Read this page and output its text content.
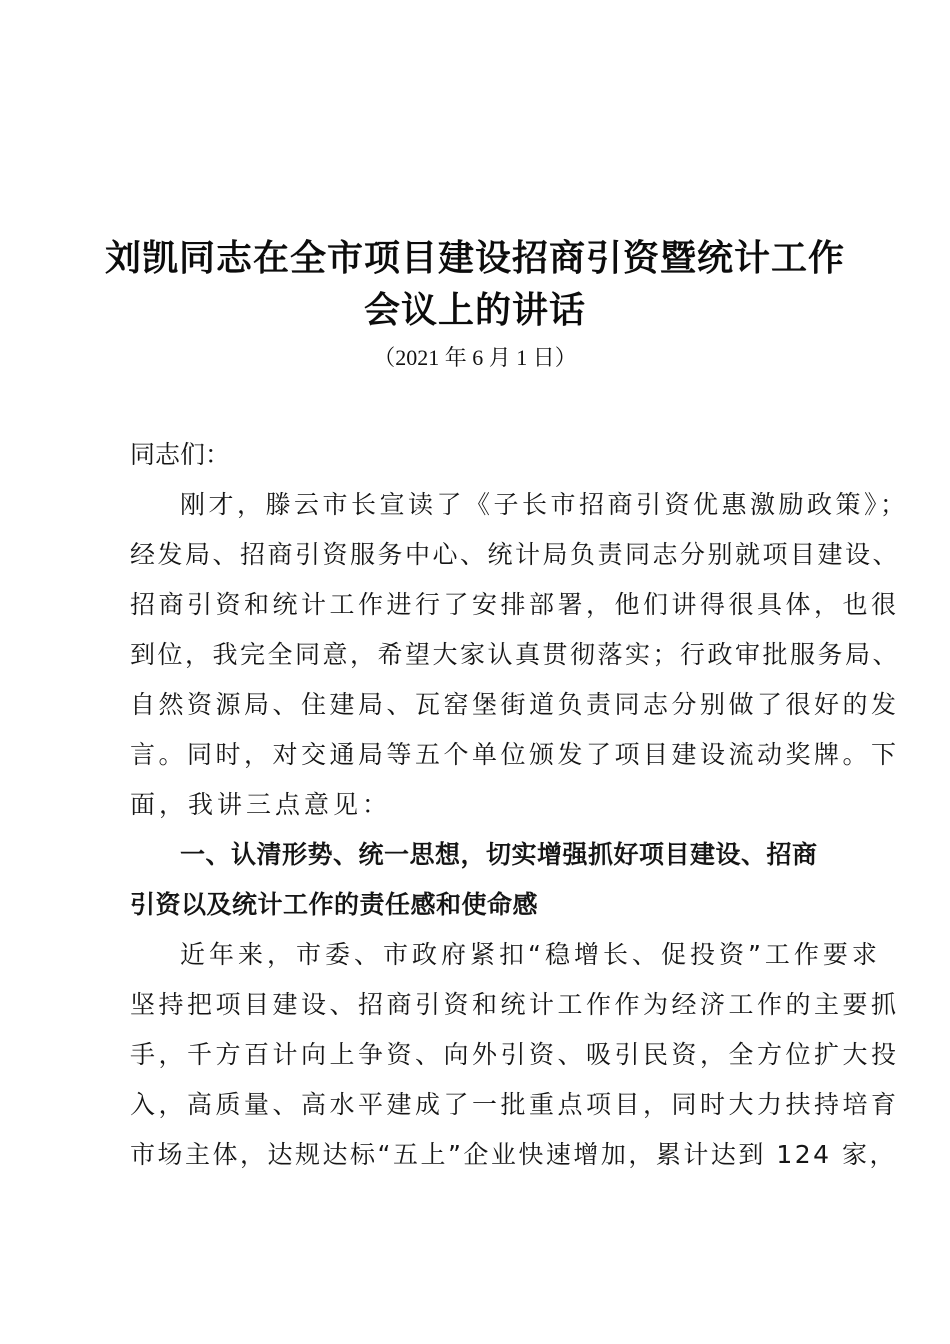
刘凯同志在全市项目建设招商引资暨统计工作
会议上的讲话
（2021 年 6 月 1 日）
同志们：
刚才，滕云市长宣读了《子长市招商引资优惠激励政策》；
经发局、招商引资服务中心、统计局负责同志分别就项目建设、
招商引资和统计工作进行了安排部署，他们讲得很具体，也很
到位，我完全同意，希望大家认真贯彻落实；行政审批服务局、
自然资源局、住建局、瓦窑堡街道负责同志分别做了很好的发
言。同时，对交通局等五个单位颁发了项目建设流动奖牌。下
面，我讲三点意见：
一、认清形势、统一思想，切实增强抓好项目建设、招商
引资以及统计工作的责任感和使命感
近年来，市委、市政府紧扣“稳增长、促投资”工作要求
坚持把项目建设、招商引资和统计工作作为经济工作的主要抓
手，千方百计向上争资、向外引资、吸引民资，全方位扩大投
入，高质量、高水平建成了一批重点项目，同时大力扶持培育
市场主体，达规达标“五上”企业快速增加，累计达到 124 家，
